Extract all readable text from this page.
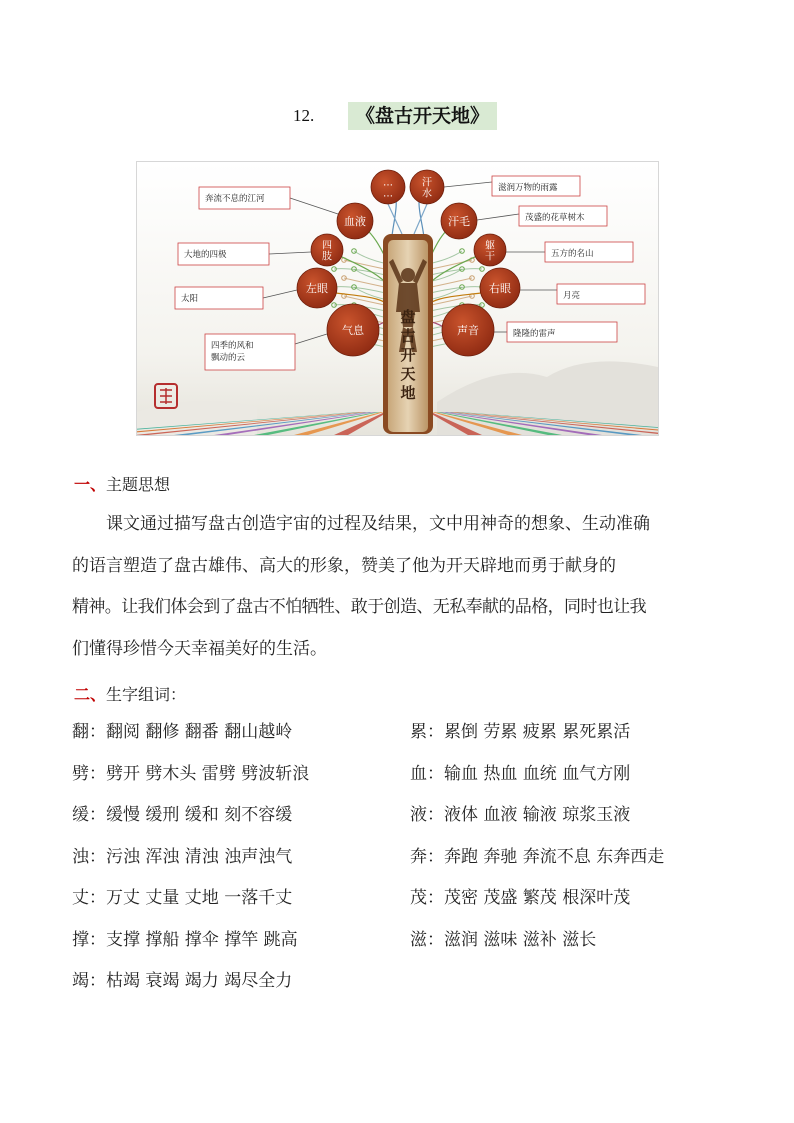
12.	《盘古开天地》
盘古开天地
… …
奔流不息的江河
血液
大地的四极
四肢
太阳
左眼
四季的风和飘动的云
气息
滋润万物的雨露
汗水
茂盛的花草树木
汗毛
五方的名山
躯干
月亮
右眼
隆隆的雷声
声音
一、主题思想
课文通过描写盘古创造宇宙的过程及结果，文中用神奇的想象、生动准确
的语言塑造了盘古雄伟、高大的形象，赞美了他为开天辟地而勇于献身的
精神。让我们体会到了盘古不怕牺牲、敢于创造、无私奉献的品格，同时也让我
们懂得珍惜今天幸福美好的生活。
二、生字组词：
翻：翻阅 翻修 翻番 翻山越岭
劈：劈开 劈木头 雷劈 劈波斩浪
缓：缓慢 缓刑 缓和 刻不容缓
浊：污浊 浑浊 清浊 浊声浊气
丈：万丈 丈量 丈地 一落千丈
撑：支撑 撑船 撑伞 撑竿 跳高
竭：枯竭 衰竭 竭力 竭尽全力
累：累倒 劳累 疲累 累死累活
血：输血 热血 血统 血气方刚
液：液体 血液 输液 琼浆玉液
奔：奔跑 奔驰 奔流不息 东奔西走
茂：茂密 茂盛 繁茂 根深叶茂
滋：滋润 滋味 滋补 滋长
